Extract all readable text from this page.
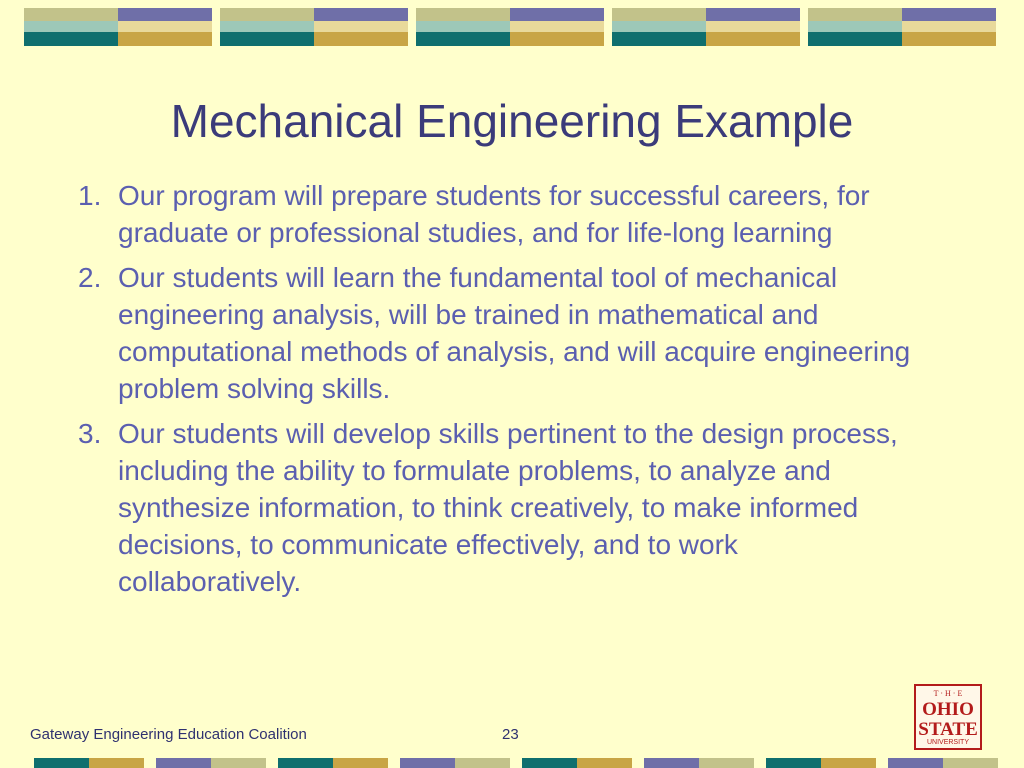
Mechanical Engineering Example
1. Our program will prepare students for successful careers, for graduate or professional studies, and for life-long learning
2. Our students will learn the fundamental tool of mechanical engineering analysis, will be trained in mathematical and computational methods of analysis, and will acquire engineering problem solving skills.
3. Our students will develop skills pertinent to the design process, including the ability to formulate problems, to analyze and synthesize information, to think creatively, to make informed decisions, to communicate effectively, and to work collaboratively.
Gateway Engineering Education Coalition	23
T · H · E
OHIO
STATE
UNIVERSITY
